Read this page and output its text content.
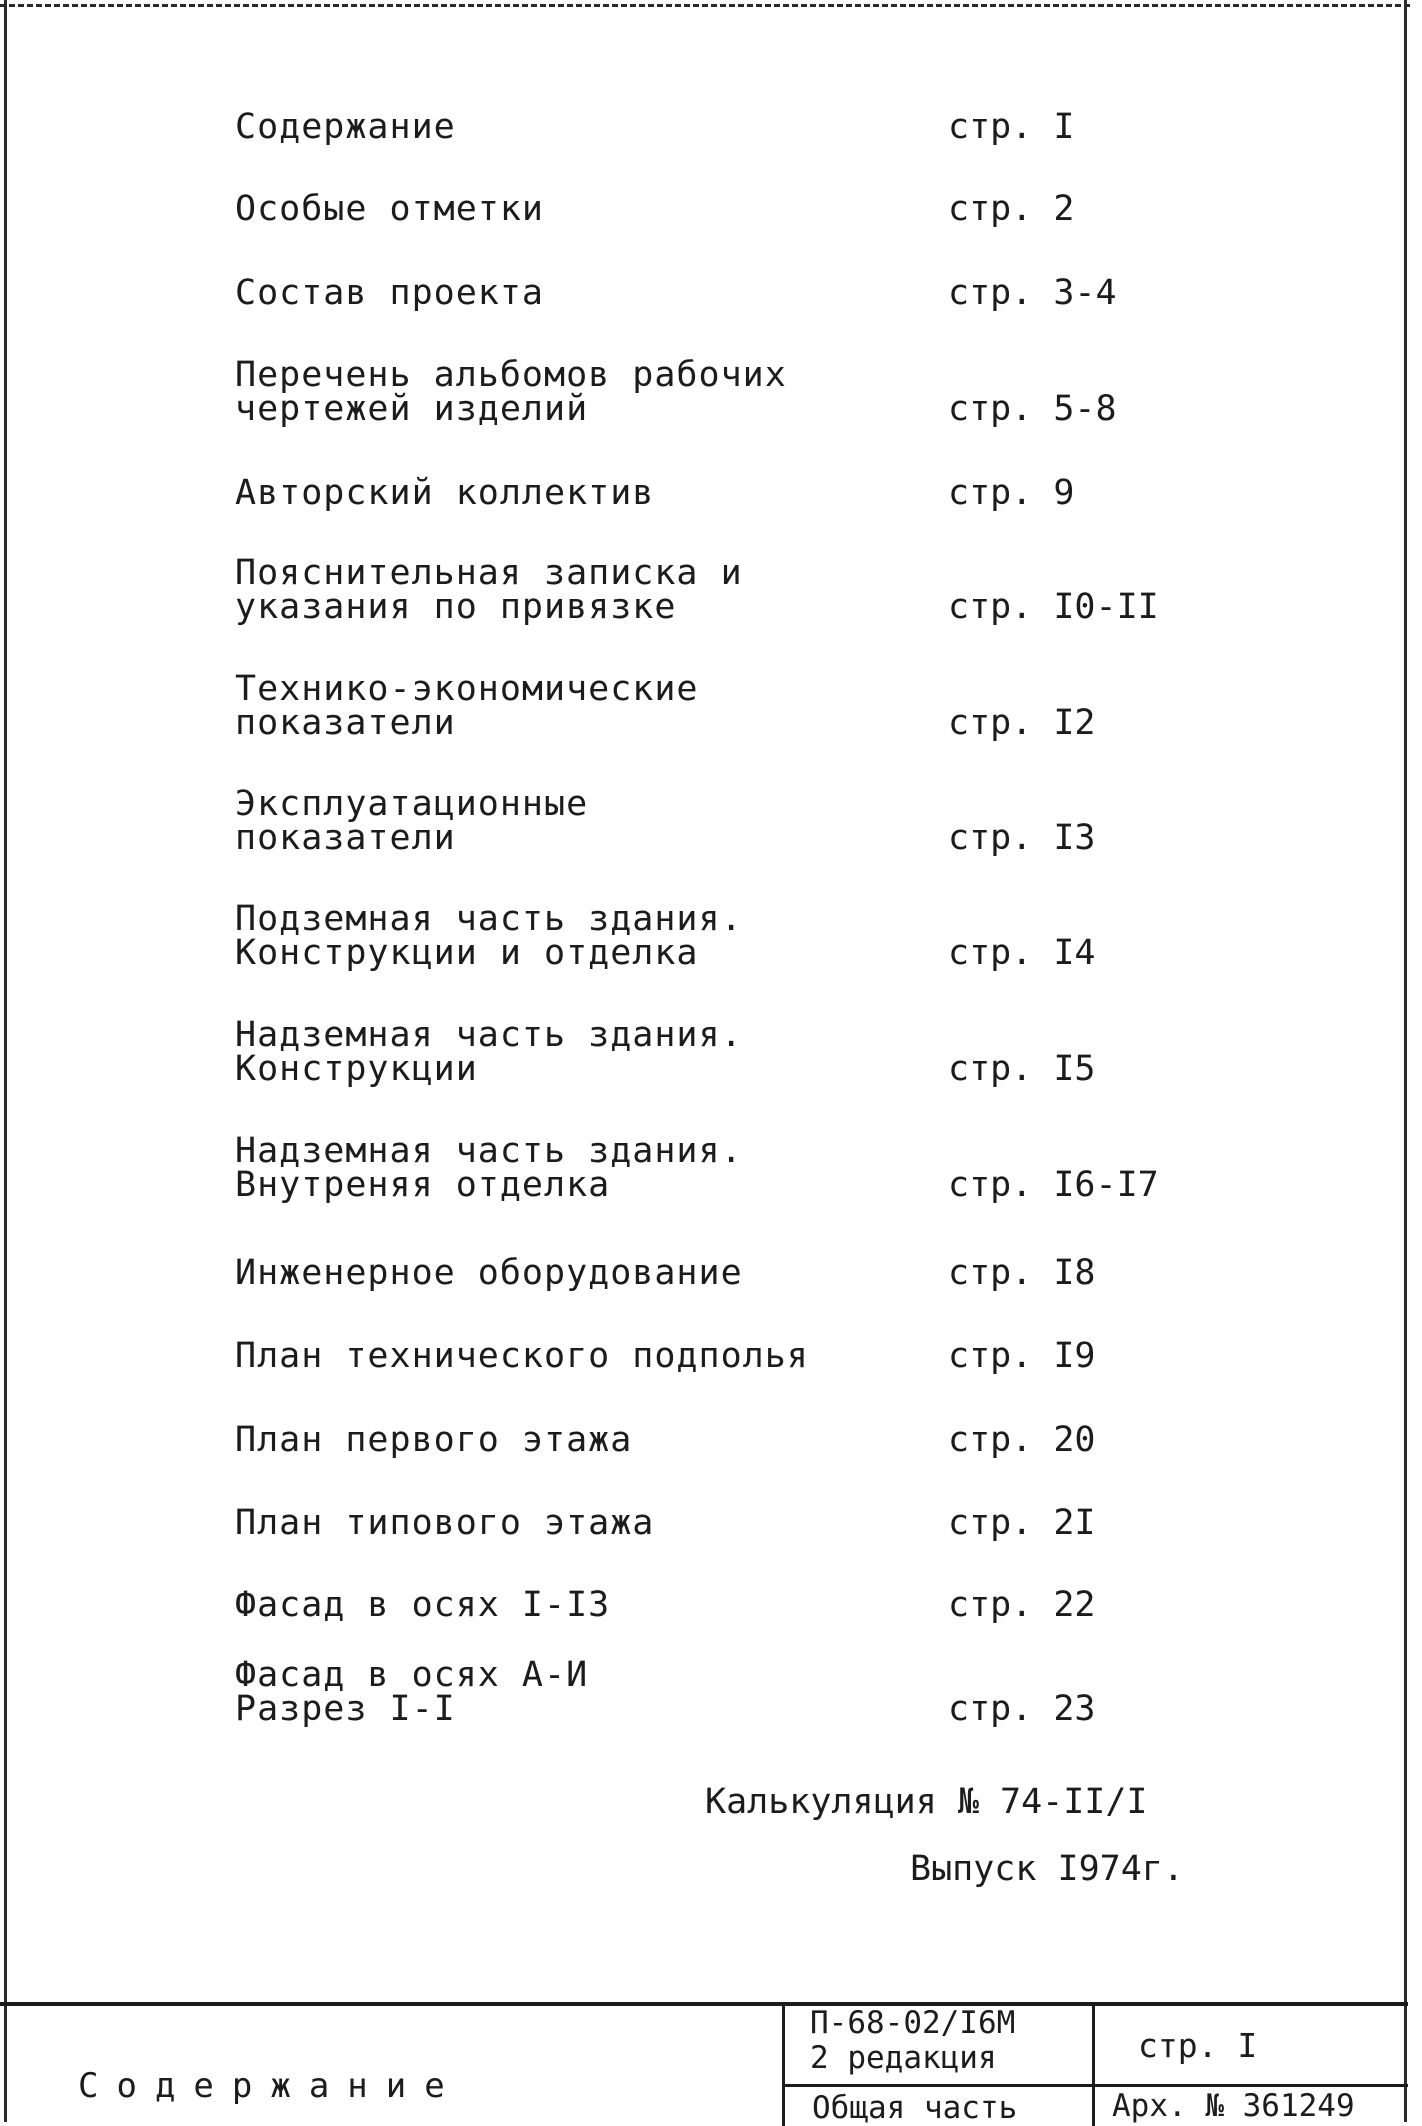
Содержание	стр. I
Особые отметки	стр. 2
Состав проекта	стр. 3-4
Перечень альбомов рабочих
чертежей изделий	стр. 5-8
Авторский коллектив	стр. 9
Пояснительная записка и
указания по привязке	стр. I0-II
Технико-экономические
показатели	стр. I2
Эксплуатационные
показатели	стр. I3
Подземная часть здания.
Конструкции и отделка	стр. I4
Надземная часть здания.
Конструкции	стр. I5
Надземная часть здания.
Внутреняя отделка	стр. I6-I7
Инженерное оборудование	стр. I8
План технического подполья	стр. I9
План первого этажа	стр. 20
План типового этажа	стр. 2I
Фасад в осях I-I3	стр. 22
Фасад в осях А-И
Разрез I-I	стр. 23
Калькуляция № 74-II/I
Выпуск I974г.
Содержание
П-68-02/I6М
2 редакция
Общая часть
стр. I
Арх. № 361249
